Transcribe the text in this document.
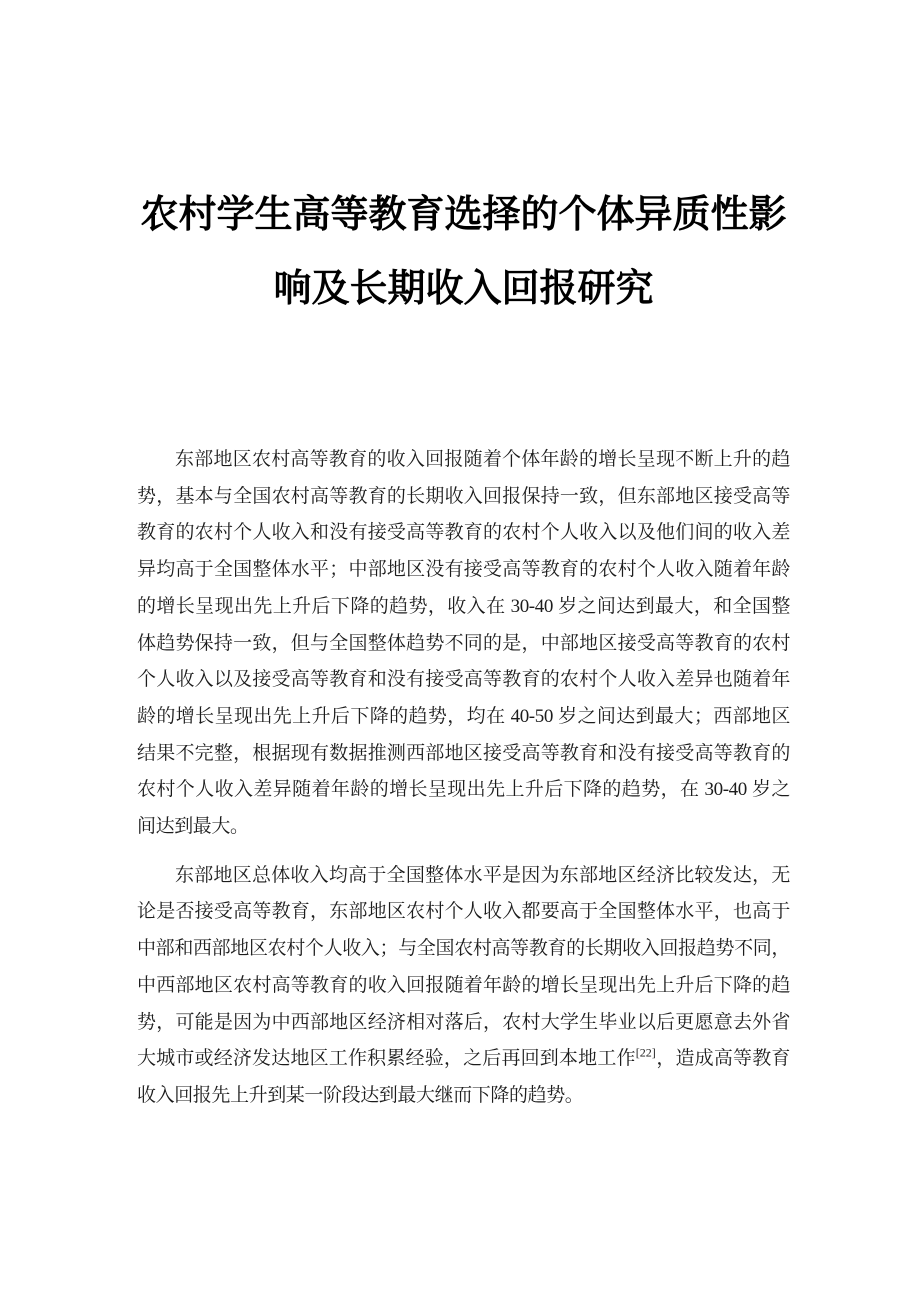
农村学生高等教育选择的个体异质性影
响及长期收入回报研究
东部地区农村高等教育的收入回报随着个体年龄的增长呈现不断上升的趋
势，基本与全国农村高等教育的长期收入回报保持一致，但东部地区接受高等
教育的农村个人收入和没有接受高等教育的农村个人收入以及他们间的收入差
异均高于全国整体水平；中部地区没有接受高等教育的农村个人收入随着年龄
的增长呈现出先上升后下降的趋势，收入在 30-40 岁之间达到最大，和全国整
体趋势保持一致，但与全国整体趋势不同的是，中部地区接受高等教育的农村
个人收入以及接受高等教育和没有接受高等教育的农村个人收入差异也随着年
龄的增长呈现出先上升后下降的趋势，均在 40-50 岁之间达到最大；西部地区
结果不完整，根据现有数据推测西部地区接受高等教育和没有接受高等教育的
农村个人收入差异随着年龄的增长呈现出先上升后下降的趋势，在 30-40 岁之
间达到最大。
东部地区总体收入均高于全国整体水平是因为东部地区经济比较发达，无
论是否接受高等教育，东部地区农村个人收入都要高于全国整体水平，也高于
中部和西部地区农村个人收入；与全国农村高等教育的长期收入回报趋势不同，
中西部地区农村高等教育的收入回报随着年龄的增长呈现出先上升后下降的趋
势，可能是因为中西部地区经济相对落后，农村大学生毕业以后更愿意去外省
大城市或经济发达地区工作积累经验，之后再回到本地工作[22]，造成高等教育
收入回报先上升到某一阶段达到最大继而下降的趋势。
